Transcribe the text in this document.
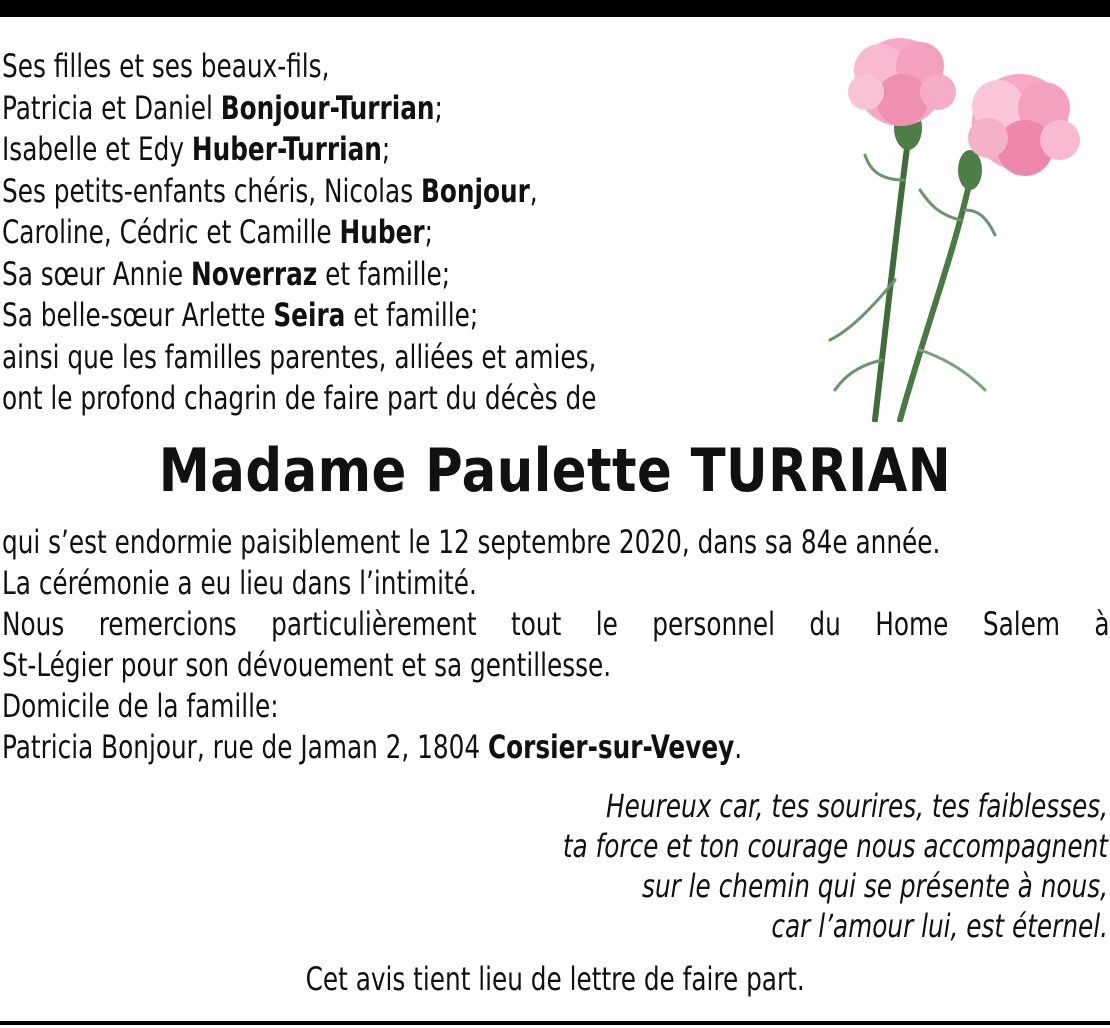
Ses filles et ses beaux-fils,
Patricia et Daniel Bonjour-Turrian;
Isabelle et Edy Huber-Turrian;
Ses petits-enfants chéris, Nicolas Bonjour,
Caroline, Cédric et Camille Huber;
Sa sœur Annie Noverraz et famille;
Sa belle-sœur Arlette Seira et famille;
ainsi que les familles parentes, alliées et amies,
ont le profond chagrin de faire part du décès de
Madame Paulette TURRIAN
qui s’est endormie paisiblement le 12 septembre 2020, dans sa 84e année.
La cérémonie a eu lieu dans l’intimité.
Nous remercions particulièrement tout le personnel du Home Salem à
St-Légier pour son dévouement et sa gentillesse.
Domicile de la famille:
Patricia Bonjour, rue de Jaman 2, 1804 Corsier-sur-Vevey.
Heureux car, tes sourires, tes faiblesses,
ta force et ton courage nous accompagnent
sur le chemin qui se présente à nous,
car l’amour lui, est éternel.
Cet avis tient lieu de lettre de faire part.
